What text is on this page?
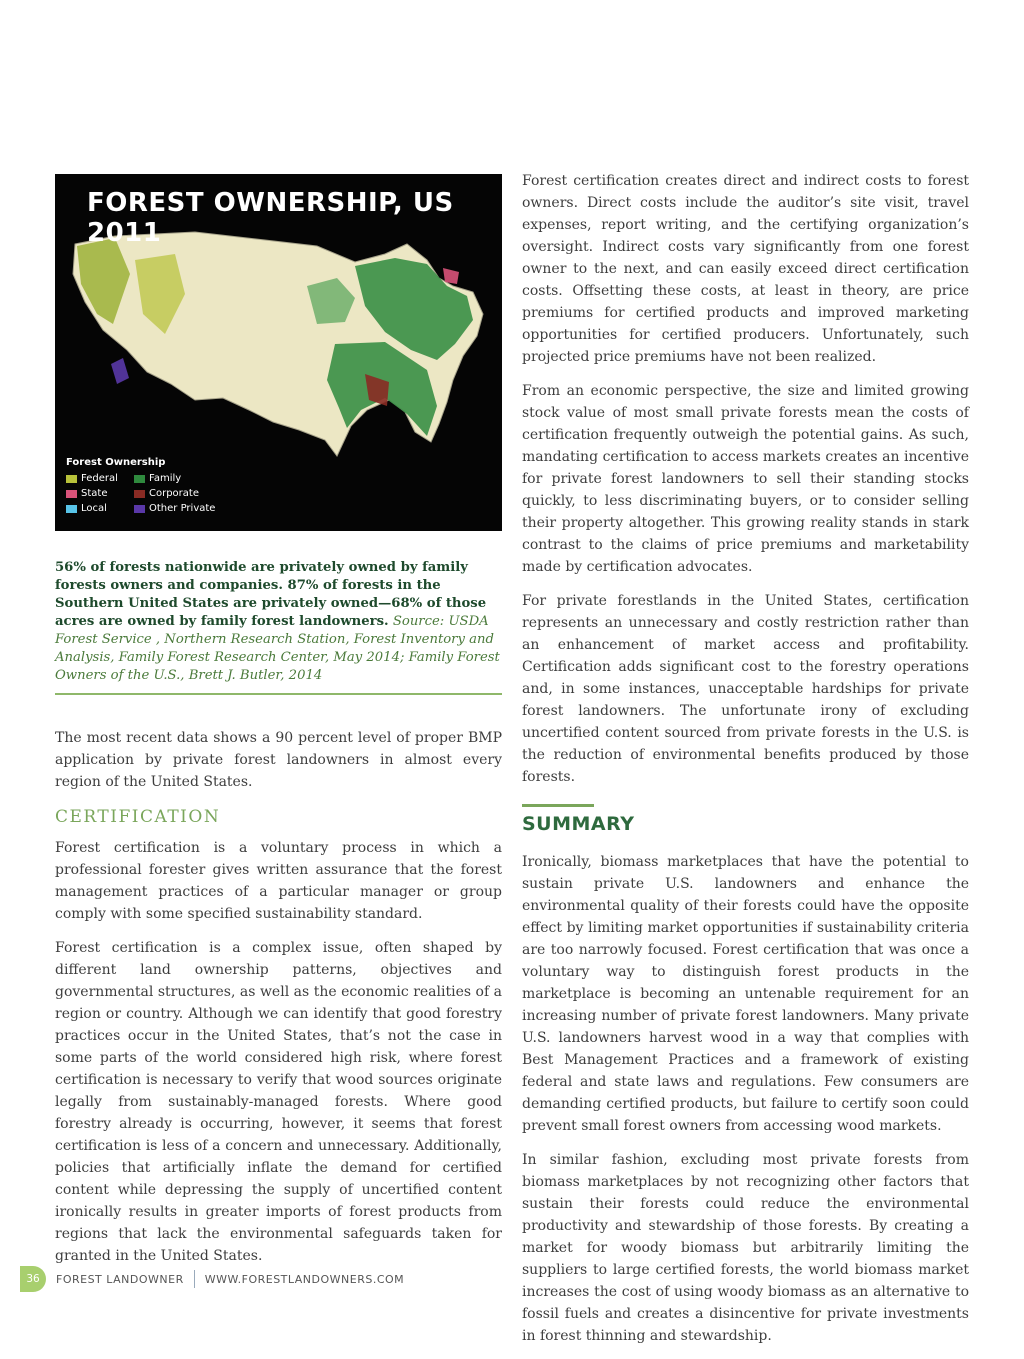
FOREST OWNERSHIP, US 2011
Forest Ownership
Federal	Family
State	Corporate
Local	Other Private
56% of forests nationwide are privately owned by family forests owners and companies. 87% of forests in the Southern United States are privately owned—68% of those acres are owned by family forest landowners. Source: USDA Forest Service , Northern Research Station, Forest Inventory and Analysis, Family Forest Research Center, May 2014; Family Forest Owners of the U.S., Brett J. Butler, 2014

The most recent data shows a 90 percent level of proper BMP application by private forest landowners in almost every region of the United States.

CERTIFICATION

Forest certification is a voluntary process in which a professional forester gives written assurance that the forest management practices of a particular manager or group comply with some specified sustainability standard.

Forest certification is a complex issue, often shaped by different land ownership patterns, objectives and governmental structures, as well as the economic realities of a region or country. Although we can identify that good forestry practices occur in the United States, that’s not the case in some parts of the world considered high risk, where forest certification is necessary to verify that wood sources originate legally from sustainably-managed forests. Where good forestry already is occurring, however, it seems that forest certification is less of a concern and unnecessary. Additionally, policies that artificially inflate the demand for certified content while depressing the supply of uncertified content ironically results in greater imports of forest products from regions that lack the environmental safeguards taken for granted in the United States.

Forest certification creates direct and indirect costs to forest owners. Direct costs include the auditor’s site visit, travel expenses, report writing, and the certifying organization’s oversight. Indirect costs vary significantly from one forest owner to the next, and can easily exceed direct certification costs. Offsetting these costs, at least in theory, are price premiums for certified products and improved marketing opportunities for certified producers. Unfortunately, such projected price premiums have not been realized.

From an economic perspective, the size and limited growing stock value of most small private forests mean the costs of certification frequently outweigh the potential gains. As such, mandating certification to access markets creates an incentive for private forest landowners to sell their standing stocks quickly, to less discriminating buyers, or to consider selling their property altogether. This growing reality stands in stark contrast to the claims of price premiums and marketability made by certification advocates.

For private forestlands in the United States, certification represents an unnecessary and costly restriction rather than an enhancement of market access and profitability. Certification adds significant cost to the forestry operations and, in some instances, unacceptable hardships for private forest landowners. The unfortunate irony of excluding uncertified content sourced from private forests in the U.S. is the reduction of environmental benefits produced by those forests.

SUMMARY

Ironically, biomass marketplaces that have the potential to sustain private U.S. landowners and enhance the environmental quality of their forests could have the opposite effect by limiting market opportunities if sustainability criteria are too narrowly focused. Forest certification that was once a voluntary way to distinguish forest products in the marketplace is becoming an untenable requirement for an increasing number of private forest landowners. Many private U.S. landowners harvest wood in a way that complies with Best Management Practices and a framework of existing federal and state laws and regulations. Few consumers are demanding certified products, but failure to certify soon could prevent small forest owners from accessing wood markets.

In similar fashion, excluding most private forests from biomass marketplaces by not recognizing other factors that sustain their forests could reduce the environmental productivity and stewardship of those forests. By creating a market for woody biomass but arbitrarily limiting the suppliers to large certified forests, the world biomass market increases the cost of using woody biomass as an alternative to fossil fuels and creates a disincentive for private investments in forest thinning and stewardship.

36	FOREST LANDOWNER WWW.FORESTLANDOWNERS.COM
